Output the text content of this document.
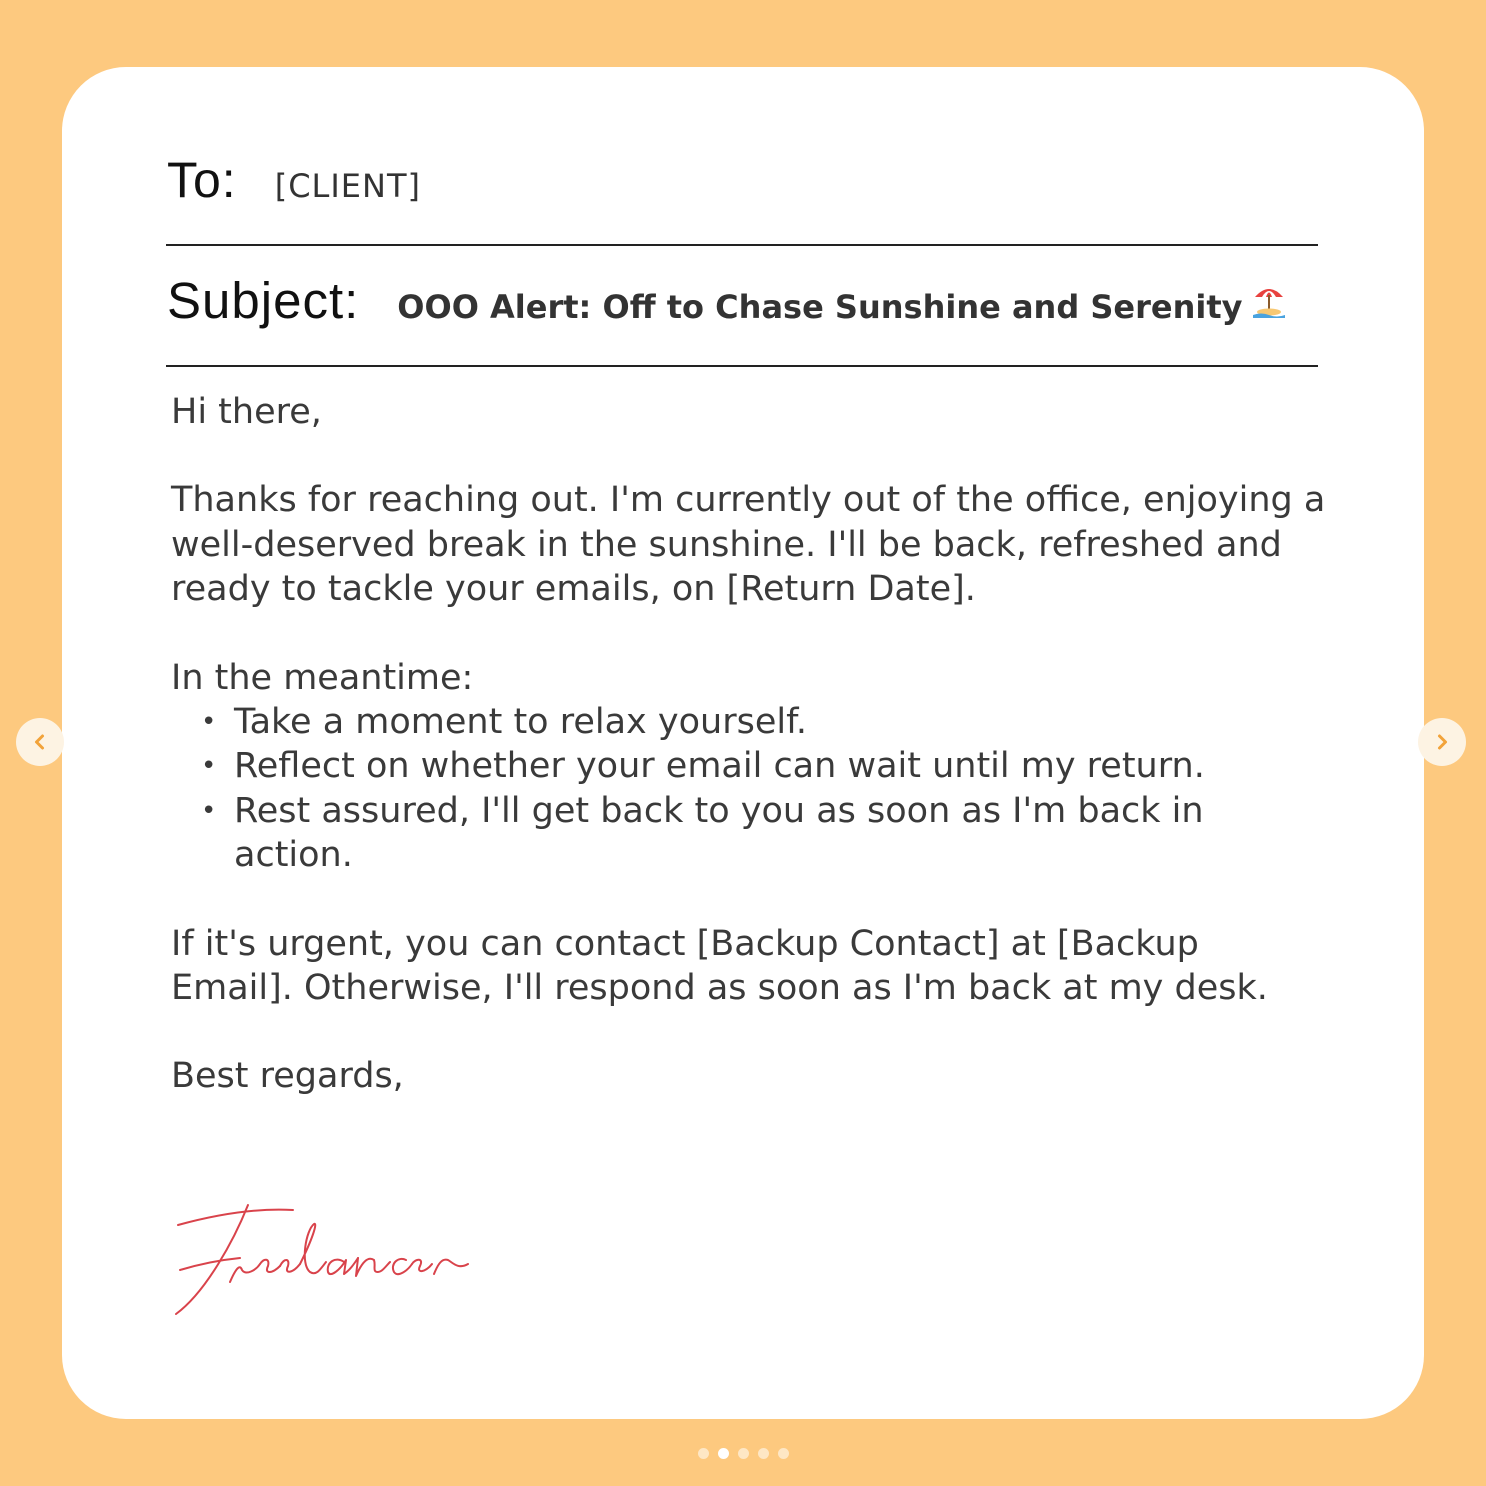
To: [CLIENT]
Subject: OOO Alert: Off to Chase Sunshine and Serenity

Hi there,

Thanks for reaching out. I'm currently out of the office, enjoying a well-deserved break in the sunshine. I'll be back, refreshed and ready to tackle your emails, on [Return Date].

In the meantime:

• Take a moment to relax yourself.
• Reflect on whether your email can wait until my return.
• Rest assured, I'll get back to you as soon as I'm back in action.

If it's urgent, you can contact [Backup Contact] at [Backup Email]. Otherwise, I'll respond as soon as I'm back at my desk.

Best regards,
